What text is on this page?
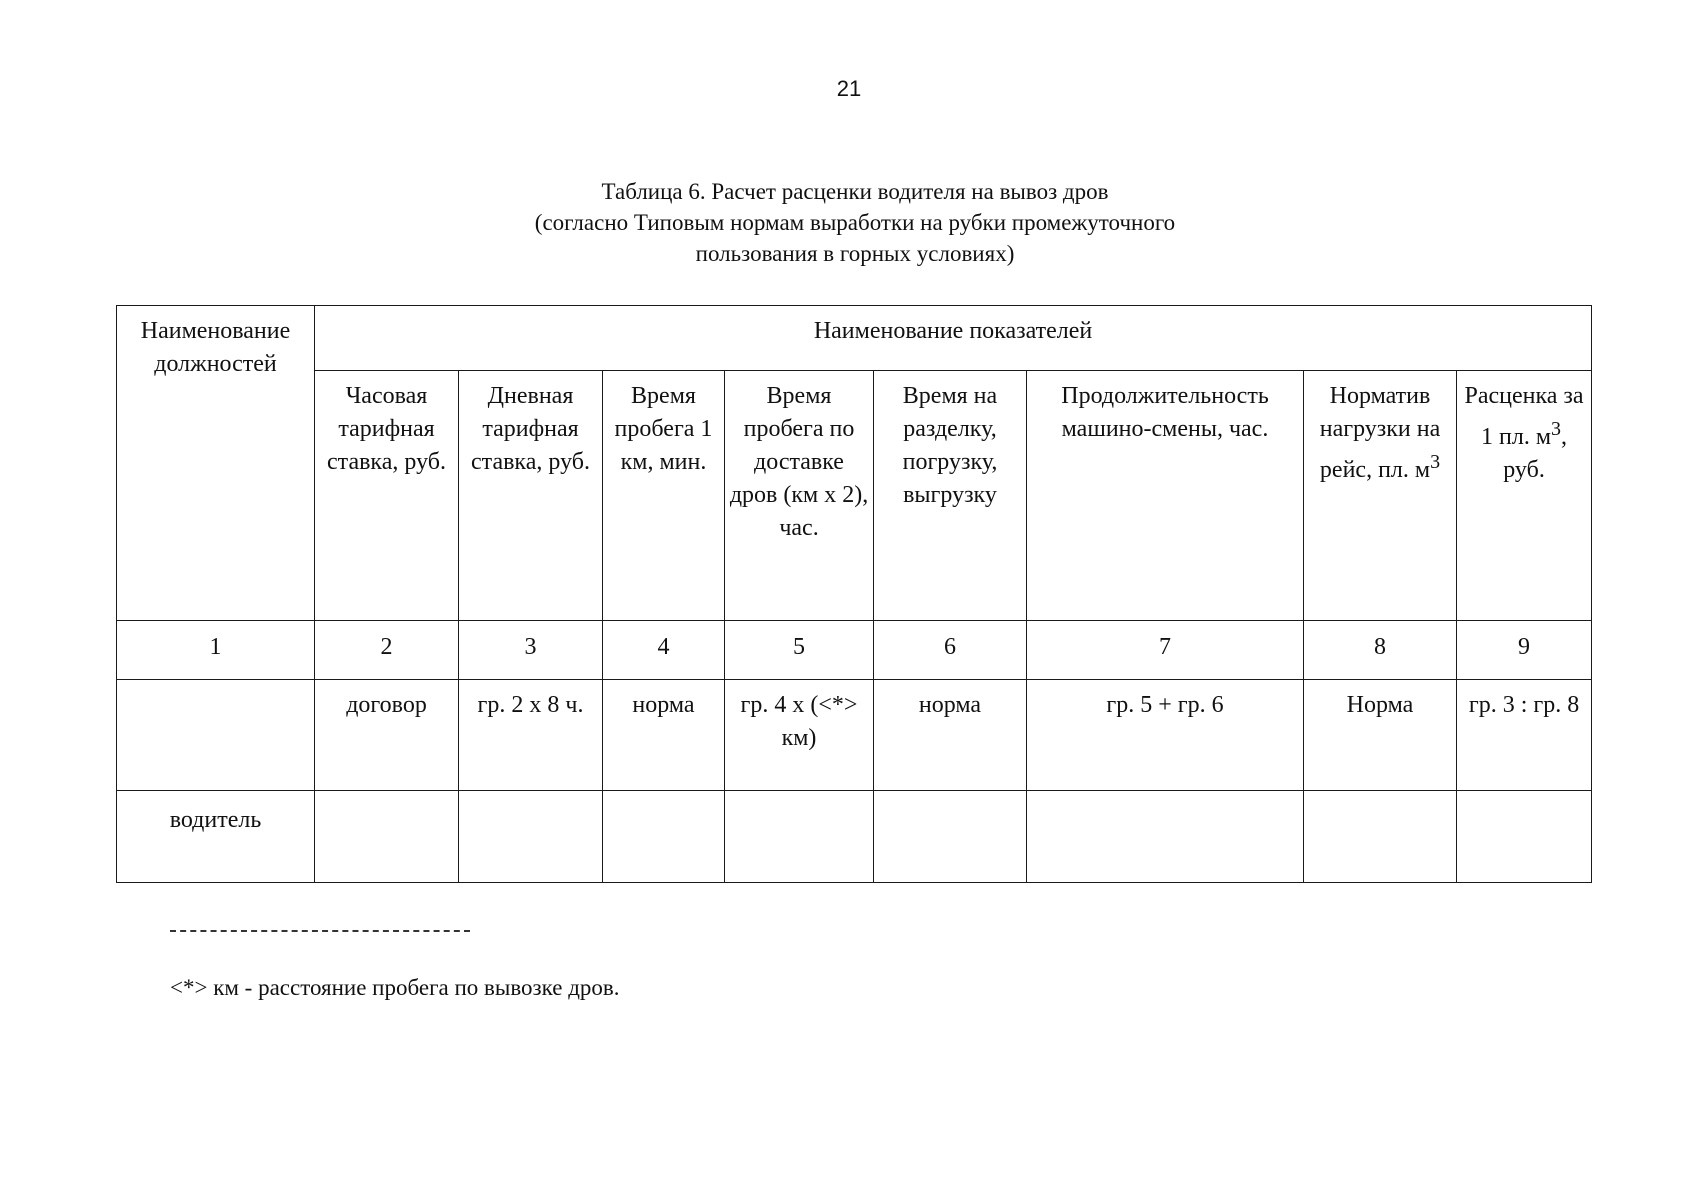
21
Таблица 6. Расчет расценки водителя на вывоз дров
(согласно Типовым нормам выработки на рубки промежуточного
пользования в горных условиях)
Наименование должностей	Наименование показателей							
	Часовая тарифная ставка, руб.	Дневная тарифная ставка, руб.	Время пробега 1 км, мин.	Время пробега по доставке дров (км х 2), час.	Время на разделку, погрузку, выгрузку	Продолжительность машино-смены, час.	Норматив нагрузки на рейс, пл. $м^3$	Расценка за 1 пл. $м^3$, руб.
1	2	3	4	5	6	7	8	9
	договор	гр. 2 х 8 ч.	норма	гр. 4 х (<*> км)	норма	гр. 5 + гр. 6	Норма	гр. 3 : гр. 8
водитель								
<*> км - расстояние пробега по вывозке дров.
